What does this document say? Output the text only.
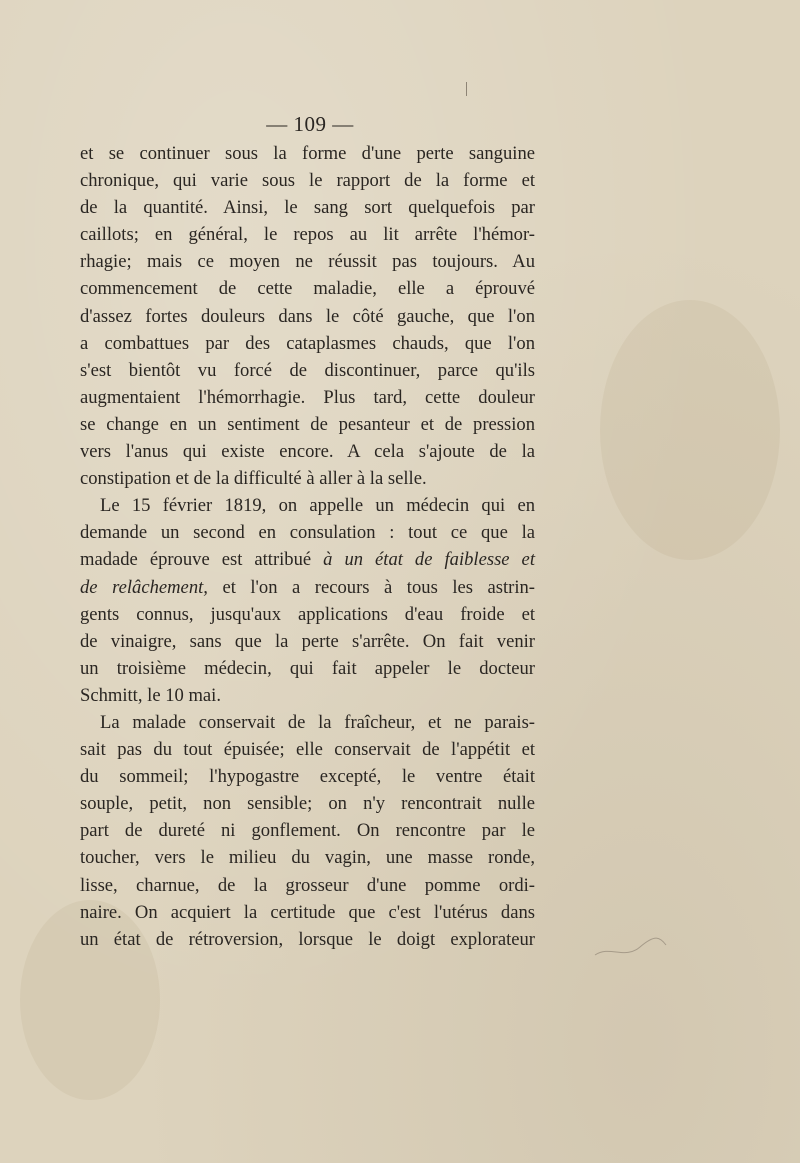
— 109 —

et se continuer sous la forme d'une perte sanguine
chronique, qui varie sous le rapport de la forme et
de la quantité. Ainsi, le sang sort quelquefois par
caillots; en général, le repos au lit arrête l'hémor-
rhagie; mais ce moyen ne réussit pas toujours. Au
commencement de cette maladie, elle a éprouvé
d'assez fortes douleurs dans le côté gauche, que l'on
a combattues par des cataplasmes chauds, que l'on
s'est bientôt vu forcé de discontinuer, parce qu'ils
augmentaient l'hémorrhagie. Plus tard, cette douleur
se change en un sentiment de pesanteur et de pression
vers l'anus qui existe encore. A cela s'ajoute de la
constipation et de la difficulté à aller à la selle.

Le 15 février 1819, on appelle un médecin qui en
demande un second en consulation : tout ce que la
madade éprouve est attribué à un état de faiblesse et
de relâchement, et l'on a recours à tous les astrin-
gents connus, jusqu'aux applications d'eau froide et
de vinaigre, sans que la perte s'arrête. On fait venir
un troisième médecin, qui fait appeler le docteur
Schmitt, le 10 mai.

La malade conservait de la fraîcheur, et ne parais-
sait pas du tout épuisée; elle conservait de l'appétit et
du sommeil; l'hypogastre excepté, le ventre était
souple, petit, non sensible; on n'y rencontrait nulle
part de dureté ni gonflement. On rencontre par le
toucher, vers le milieu du vagin, une masse ronde,
lisse, charnue, de la grosseur d'une pomme ordi-
naire. On acquiert la certitude que c'est l'utérus dans
un état de rétroversion, lorsque le doigt explorateur
